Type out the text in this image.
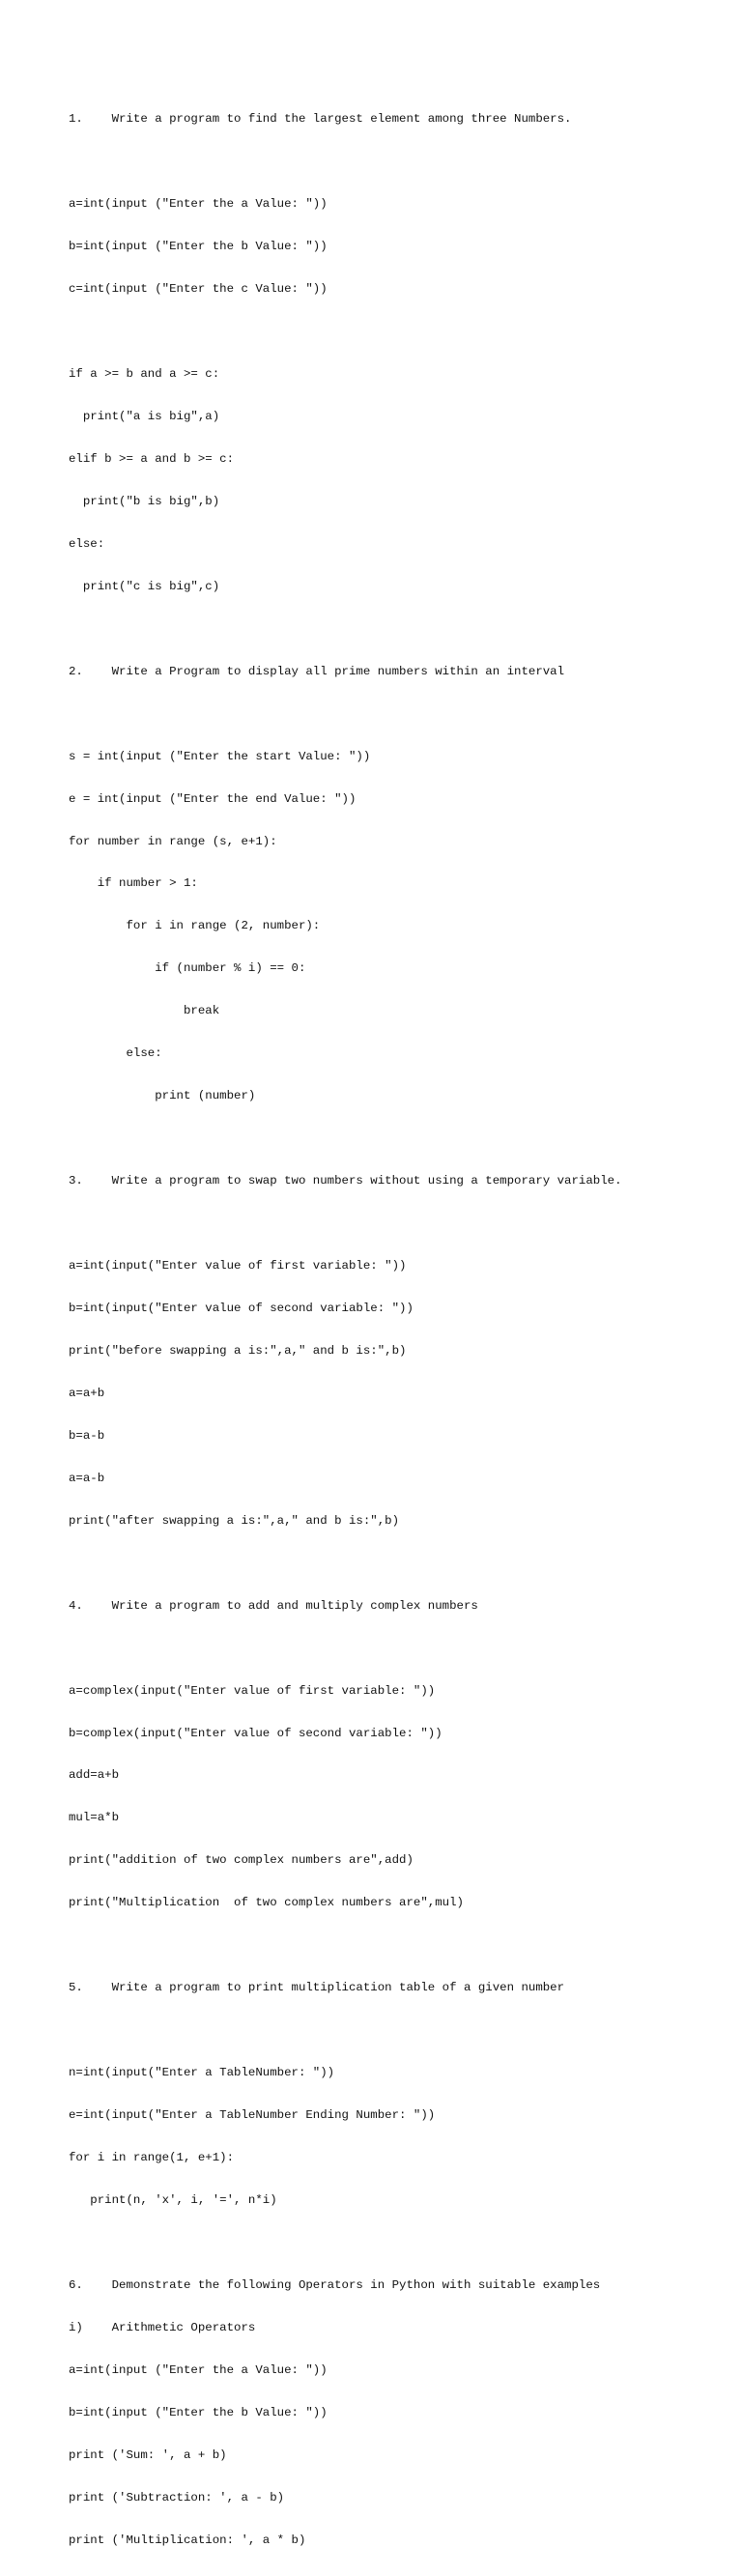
1.    Write a program to find the largest element among three Numbers.

a=int(input ("Enter the a Value: "))

b=int(input ("Enter the b Value: "))

c=int(input ("Enter the c Value: "))

if a >= b and a >= c:

print("a is big",a)

elif b >= a and b >= c:

print("b is big",b)

else:

print("c is big",c)

2.    Write a Program to display all prime numbers within an interval

s = int(input ("Enter the start Value: "))

e = int(input ("Enter the end Value: "))

for number in range (s, e+1):

if number > 1:

for i in range (2, number):

if (number % i) == 0:

break

else:

print (number)

3.    Write a program to swap two numbers without using a temporary variable.

a=int(input("Enter value of first variable: "))

b=int(input("Enter value of second variable: "))

print("before swapping a is:",a," and b is:",b)

a=a+b

b=a-b

a=a-b

print("after swapping a is:",a," and b is:",b)

4.    Write a program to add and multiply complex numbers

a=complex(input("Enter value of first variable: "))

b=complex(input("Enter value of second variable: "))

add=a+b

mul=a*b

print("addition of two complex numbers are",add)

print("Multiplication  of two complex numbers are",mul)

5.    Write a program to print multiplication table of a given number

n=int(input("Enter a TableNumber: "))

e=int(input("Enter a TableNumber Ending Number: "))

for i in range(1, e+1):

print(n, 'x', i, '=', n*i)

6.    Demonstrate the following Operators in Python with suitable examples

i)    Arithmetic Operators

a=int(input ("Enter the a Value: "))

b=int(input ("Enter the b Value: "))

print ('Sum: ', a + b)

print ('Subtraction: ', a - b)

print ('Multiplication: ', a * b)
